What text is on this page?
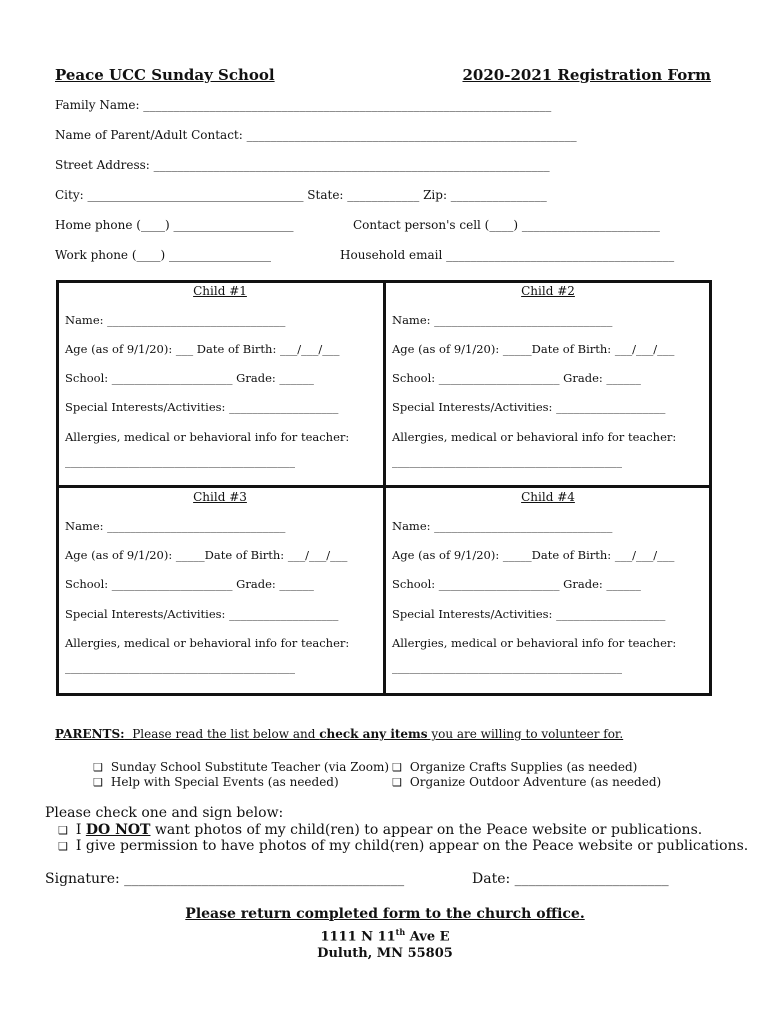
Peace UCC Sunday School	2020-2021 Registration Form
Family Name: ____________________________________________________________________
Name of Parent/Adult Contact: _______________________________________________________
Street Address: __________________________________________________________________
City: ____________________________________ State: ____________ Zip: ________________
Home phone (____) ____________________	Contact person's cell (____) _______________________
Work phone (____) _________________	Household email ______________________________________
Child #1
Name: _______________________________
Age (as of 9/1/20): ___ Date of Birth: ___/___/___
School: _____________________ Grade: ______
Special Interests/Activities: ___________________
Allergies, medical or behavioral info for teacher:
________________________________________
Child #2
Name: _______________________________
Age (as of 9/1/20): _____Date of Birth: ___/___/___
School: _____________________ Grade: ______
Special Interests/Activities: ___________________
Allergies, medical or behavioral info for teacher:
________________________________________
Child #3
Name: _______________________________
Age (as of 9/1/20): _____Date of Birth: ___/___/___
School: _____________________ Grade: ______
Special Interests/Activities: ___________________
Allergies, medical or behavioral info for teacher:
________________________________________
Child #4
Name: _______________________________
Age (as of 9/1/20): _____Date of Birth: ___/___/___
School: _____________________ Grade: ______
Special Interests/Activities: ___________________
Allergies, medical or behavioral info for teacher:
________________________________________
PARENTS: Please read the list below and check any items you are willing to volunteer for.
❑ Sunday School Substitute Teacher (via Zoom)
❑ Help with Special Events (as needed)
❑ Organize Crafts Supplies (as needed)
❑ Organize Outdoor Adventure (as needed)
Please check one and sign below:
❑ I DO NOT want photos of my child(ren) to appear on the Peace website or publications.
❑ I give permission to have photos of my child(ren) appear on the Peace website or publications.
Signature: ________________________________________	Date: ______________________
Please return completed form to the church office.
1111 N 11th Ave E
Duluth, MN 55805
